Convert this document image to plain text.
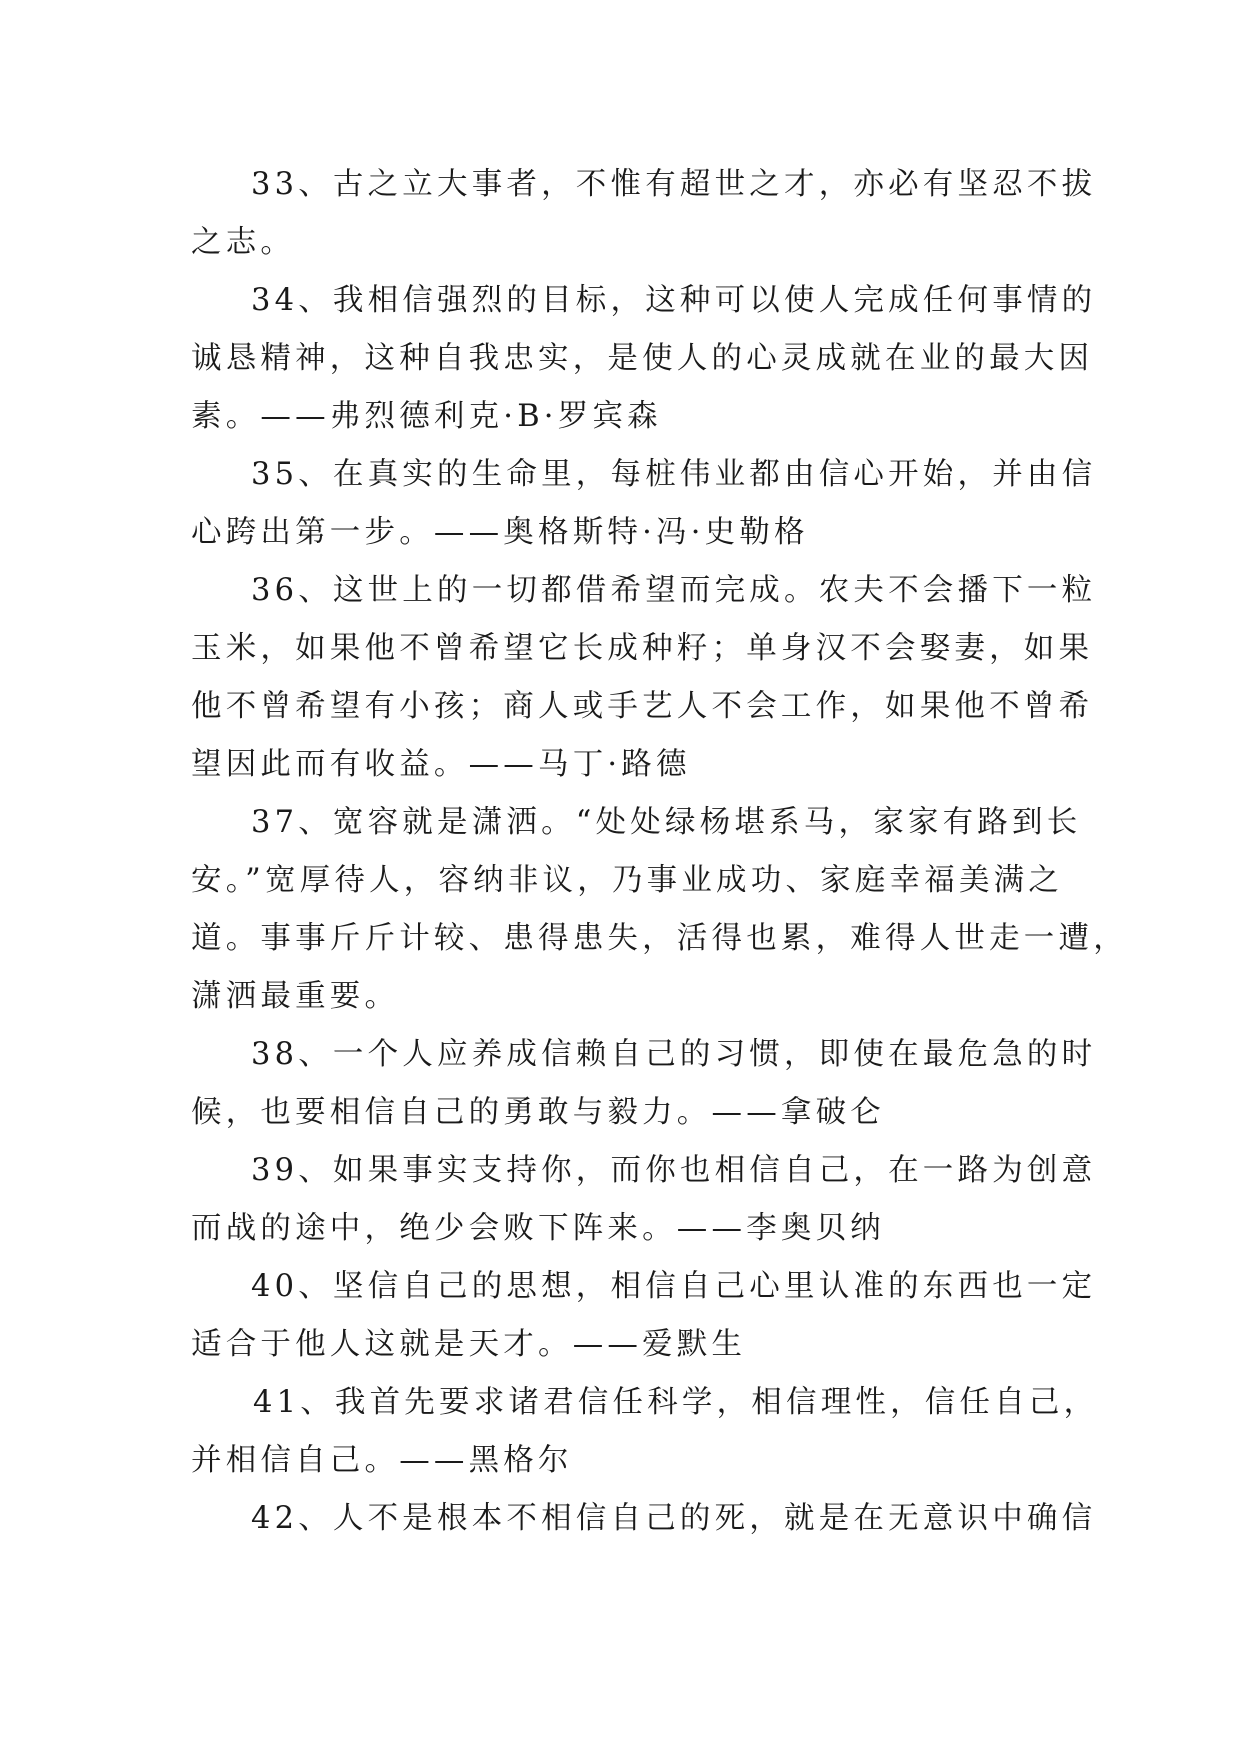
33、古之立大事者，不惟有超世之才，亦必有坚忍不拔
之志。
34、我相信强烈的目标，这种可以使人完成任何事情的
诚恳精神，这种自我忠实，是使人的心灵成就在业的最大因
素。——弗烈德利克·B·罗宾森
35、在真实的生命里，每桩伟业都由信心开始，并由信
心跨出第一步。——奥格斯特·冯·史勒格
36、这世上的一切都借希望而完成。农夫不会播下一粒
玉米，如果他不曾希望它长成种籽；单身汉不会娶妻，如果
他不曾希望有小孩；商人或手艺人不会工作，如果他不曾希
望因此而有收益。——马丁·路德
37、宽容就是潇洒。“处处绿杨堪系马，家家有路到长
安。”宽厚待人，容纳非议，乃事业成功、家庭幸福美满之
道。事事斤斤计较、患得患失，活得也累，难得人世走一遭，
潇洒最重要。
38、一个人应养成信赖自己的习惯，即使在最危急的时
候，也要相信自己的勇敢与毅力。——拿破仑
39、如果事实支持你，而你也相信自己，在一路为创意
而战的途中，绝少会败下阵来。——李奥贝纳
40、坚信自己的思想，相信自己心里认准的东西也一定
适合于他人这就是天才。——爱默生
41、我首先要求诸君信任科学，相信理性，信任自己，
并相信自己。——黑格尔
42、人不是根本不相信自己的死，就是在无意识中确信
